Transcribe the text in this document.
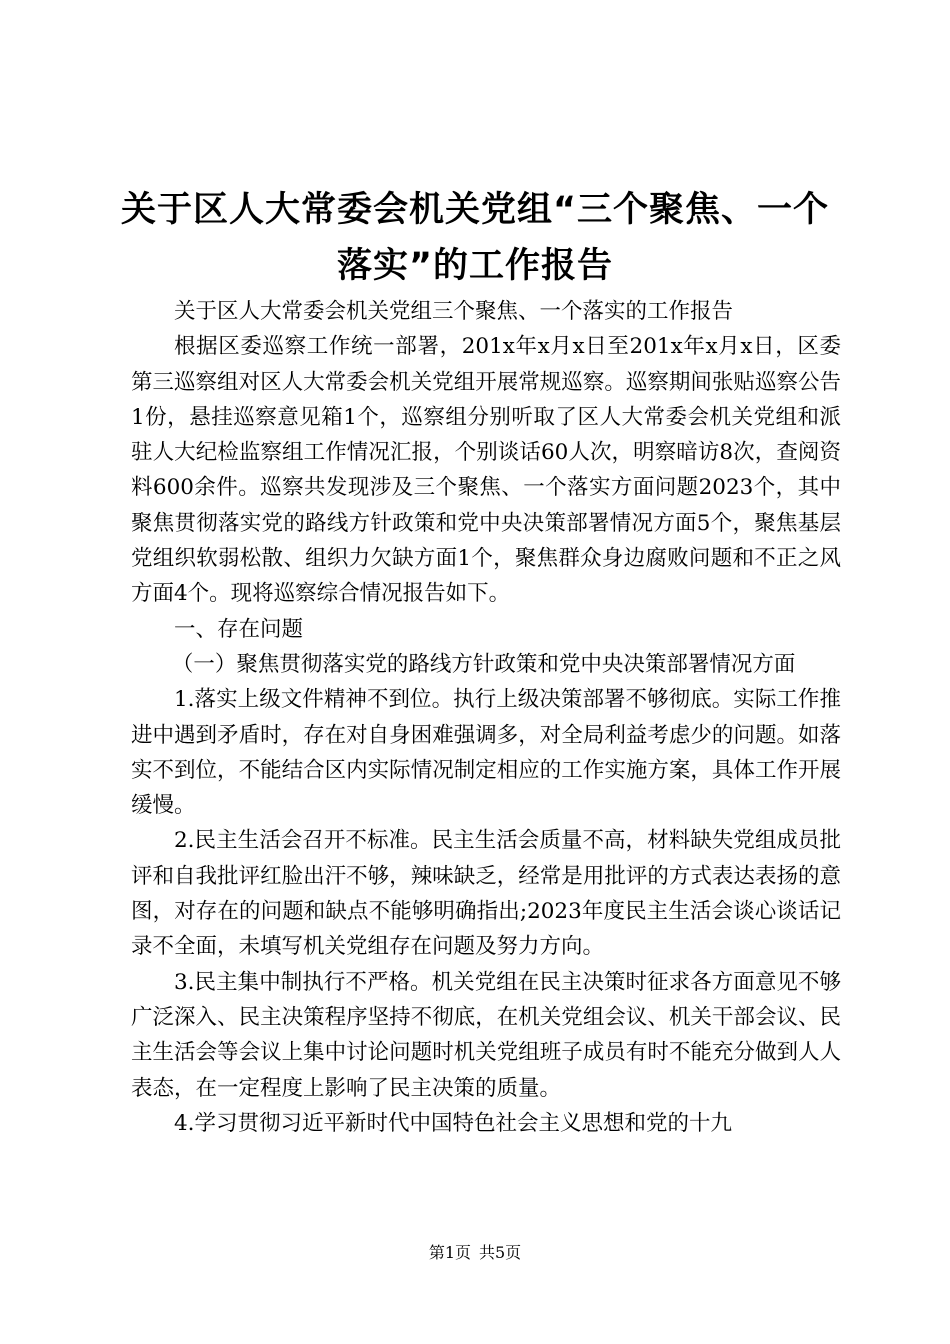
关于区人大常委会机关党组“三个聚焦、一个
落实”的工作报告

关于区人大常委会机关党组三个聚焦、一个落实的工作报告

根据区委巡察工作统一部署，201x年x月x日至201x年x月x日，区委第三巡察组对区人大常委会机关党组开展常规巡察。巡察期间张贴巡察公告1份，悬挂巡察意见箱1个，巡察组分别听取了区人大常委会机关党组和派驻人大纪检监察组工作情况汇报，个别谈话60人次，明察暗访8次，查阅资料600余件。巡察共发现涉及三个聚焦、一个落实方面问题2023个，其中聚焦贯彻落实党的路线方针政策和党中央决策部署情况方面5个，聚焦基层党组织软弱松散、组织力欠缺方面1个，聚焦群众身边腐败问题和不正之风方面4个。现将巡察综合情况报告如下。

一、存在问题

（一）聚焦贯彻落实党的路线方针政策和党中央决策部署情况方面

1.落实上级文件精神不到位。执行上级决策部署不够彻底。实际工作推进中遇到矛盾时，存在对自身困难强调多，对全局利益考虑少的问题。如落实不到位，不能结合区内实际情况制定相应的工作实施方案，具体工作开展缓慢。

2.民主生活会召开不标准。民主生活会质量不高，材料缺失党组成员批评和自我批评红脸出汗不够，辣味缺乏，经常是用批评的方式表达表扬的意图，对存在的问题和缺点不能够明确指出;2023年度民主生活会谈心谈话记录不全面，未填写机关党组存在问题及努力方向。

3.民主集中制执行不严格。机关党组在民主决策时征求各方面意见不够广泛深入、民主决策程序坚持不彻底，在机关党组会议、机关干部会议、民主生活会等会议上集中讨论问题时机关党组班子成员有时不能充分做到人人表态，在一定程度上影响了民主决策的质量。

4.学习贯彻习近平新时代中国特色社会主义思想和党的十九

第1页 共5页
